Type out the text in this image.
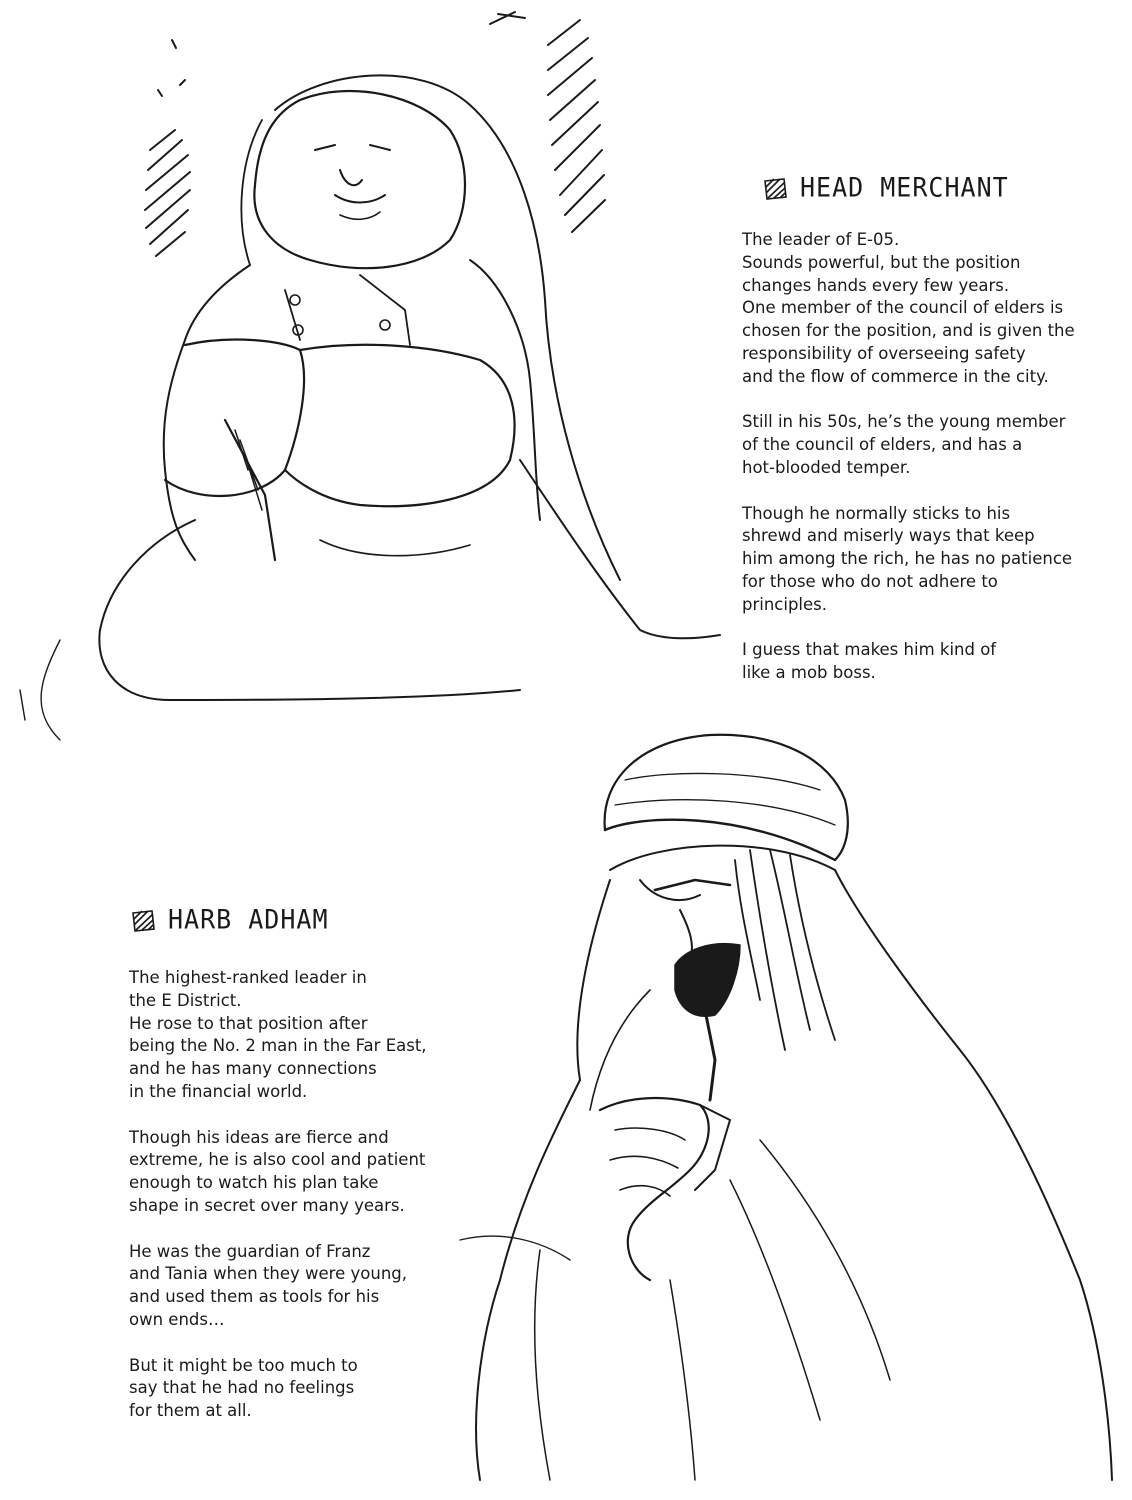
HEAD MERCHANT

The leader of E-05.
Sounds powerful, but the position
changes hands every few years.
One member of the council of elders is
chosen for the position, and is given the
responsibility of overseeing safety
and the flow of commerce in the city.

Still in his 50s, he’s the young member
of the council of elders, and has a
hot-blooded temper.

Though he normally sticks to his
shrewd and miserly ways that keep
him among the rich, he has no patience
for those who do not adhere to
principles.

I guess that makes him kind of
like a mob boss.

HARB ADHAM

The highest-ranked leader in
the E District.
He rose to that position after
being the No. 2 man in the Far East,
and he has many connections
in the financial world.

Though his ideas are fierce and
extreme, he is also cool and patient
enough to watch his plan take
shape in secret over many years.

He was the guardian of Franz
and Tania when they were young,
and used them as tools for his
own ends…

But it might be too much to
say that he had no feelings
for them at all.
